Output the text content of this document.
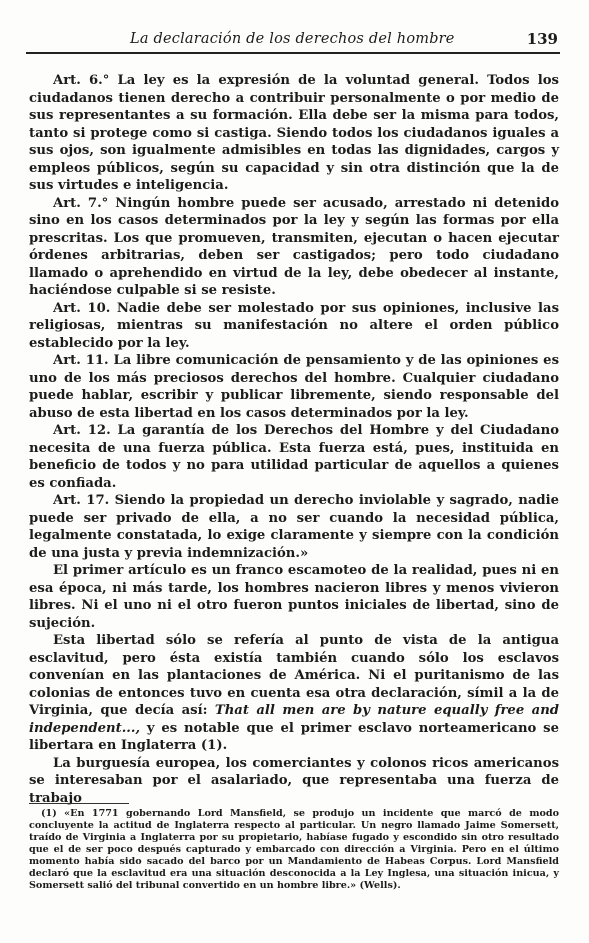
La declaración de los derechos del hombre	139

Art. 6.° La ley es la expresión de la voluntad general. Todos los ciudadanos tienen derecho a contribuir personalmente o por medio de sus representantes a su formación. Ella debe ser la misma para todos, tanto si protege como si castiga. Siendo todos los ciudadanos iguales a sus ojos, son igualmente admisibles en todas las dignidades, cargos y empleos públicos, según su capacidad y sin otra distinción que la de sus virtudes e inteligencia.

Art. 7.° Ningún hombre puede ser acusado, arrestado ni detenido sino en los casos determinados por la ley y según las formas por ella prescritas. Los que promueven, transmiten, ejecutan o hacen ejecutar órdenes arbitrarias, deben ser castigados; pero todo ciudadano llamado o aprehendido en virtud de la ley, debe obedecer al instante, haciéndose culpable si se resiste.

Art. 10. Nadie debe ser molestado por sus opiniones, inclusive las religiosas, mientras su manifestación no altere el orden público establecido por la ley.

Art. 11. La libre comunicación de pensamiento y de las opiniones es uno de los más preciosos derechos del hombre. Cualquier ciudadano puede hablar, escribir y publicar libremente, siendo responsable del abuso de esta libertad en los casos determinados por la ley.

Art. 12. La garantía de los Derechos del Hombre y del Ciudadano necesita de una fuerza pública. Esta fuerza está, pues, instituida en beneficio de todos y no para utilidad particular de aquellos a quienes es confiada.

Art. 17. Siendo la propiedad un derecho inviolable y sagrado, nadie puede ser privado de ella, a no ser cuando la necesidad pública, legalmente constatada, lo exige claramente y siempre con la condición de una justa y previa indemnización.»

El primer artículo es un franco escamoteo de la realidad, pues ni en esa época, ni más tarde, los hombres nacieron libres y menos vivieron libres. Ni el uno ni el otro fueron puntos iniciales de libertad, sino de sujeción.

Esta libertad sólo se refería al punto de vista de la antigua esclavitud, pero ésta existía también cuando sólo los esclavos convenían en las plantaciones de América. Ni el puritanismo de las colonias de entonces tuvo en cuenta esa otra declaración, símil a la de Virginia, que decía así: That all men are by nature equally free and independent..., y es notable que el primer esclavo norteamericano se libertara en Inglaterra (1).

La burguesía europea, los comerciantes y colonos ricos americanos se interesaban por el asalariado, que representaba una fuerza de trabajo

(1) «En 1771 gobernando Lord Mansfield, se produjo un incidente que marcó de modo concluyente la actitud de Inglaterra respecto al particular. Un negro llamado Jaime Somersett, traído de Virginia a Inglaterra por su propietario, habíase fugado y escondido sin otro resultado que el de ser poco después capturado y embarcado con dirección a Virginia. Pero en el último momento había sido sacado del barco por un Mandamiento de Habeas Corpus. Lord Mansfield declaró que la esclavitud era una situación desconocida a la Ley Inglesa, una situación inicua, y Somersett salió del tribunal convertido en un hombre libre.» (Wells).
